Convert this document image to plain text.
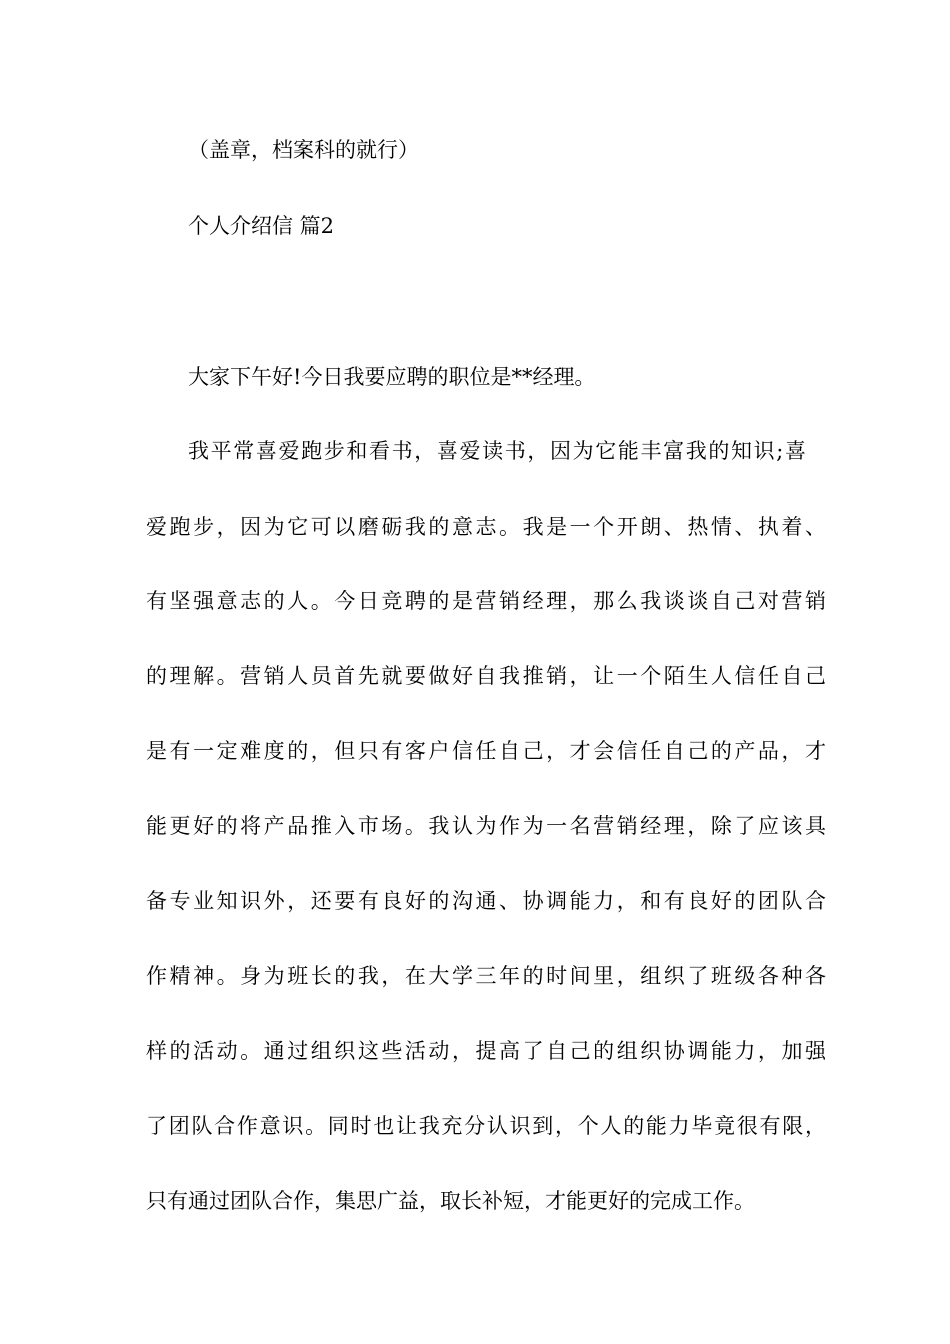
（盖章，档案科的就行）
个人介绍信 篇2
大家下午好!今日我要应聘的职位是**经理。
我平常喜爱跑步和看书，喜爱读书，因为它能丰富我的知识;喜
爱跑步，因为它可以磨砺我的意志。我是一个开朗、热情、执着、
有坚强意志的人。今日竞聘的是营销经理，那么我谈谈自己对营销
的理解。营销人员首先就要做好自我推销，让一个陌生人信任自己
是有一定难度的，但只有客户信任自己，才会信任自己的产品，才
能更好的将产品推入市场。我认为作为一名营销经理，除了应该具
备专业知识外，还要有良好的沟通、协调能力，和有良好的团队合
作精神。身为班长的我，在大学三年的时间里，组织了班级各种各
样的活动。通过组织这些活动，提高了自己的组织协调能力，加强
了团队合作意识。同时也让我充分认识到，个人的能力毕竟很有限，
只有通过团队合作，集思广益，取长补短，才能更好的完成工作。
